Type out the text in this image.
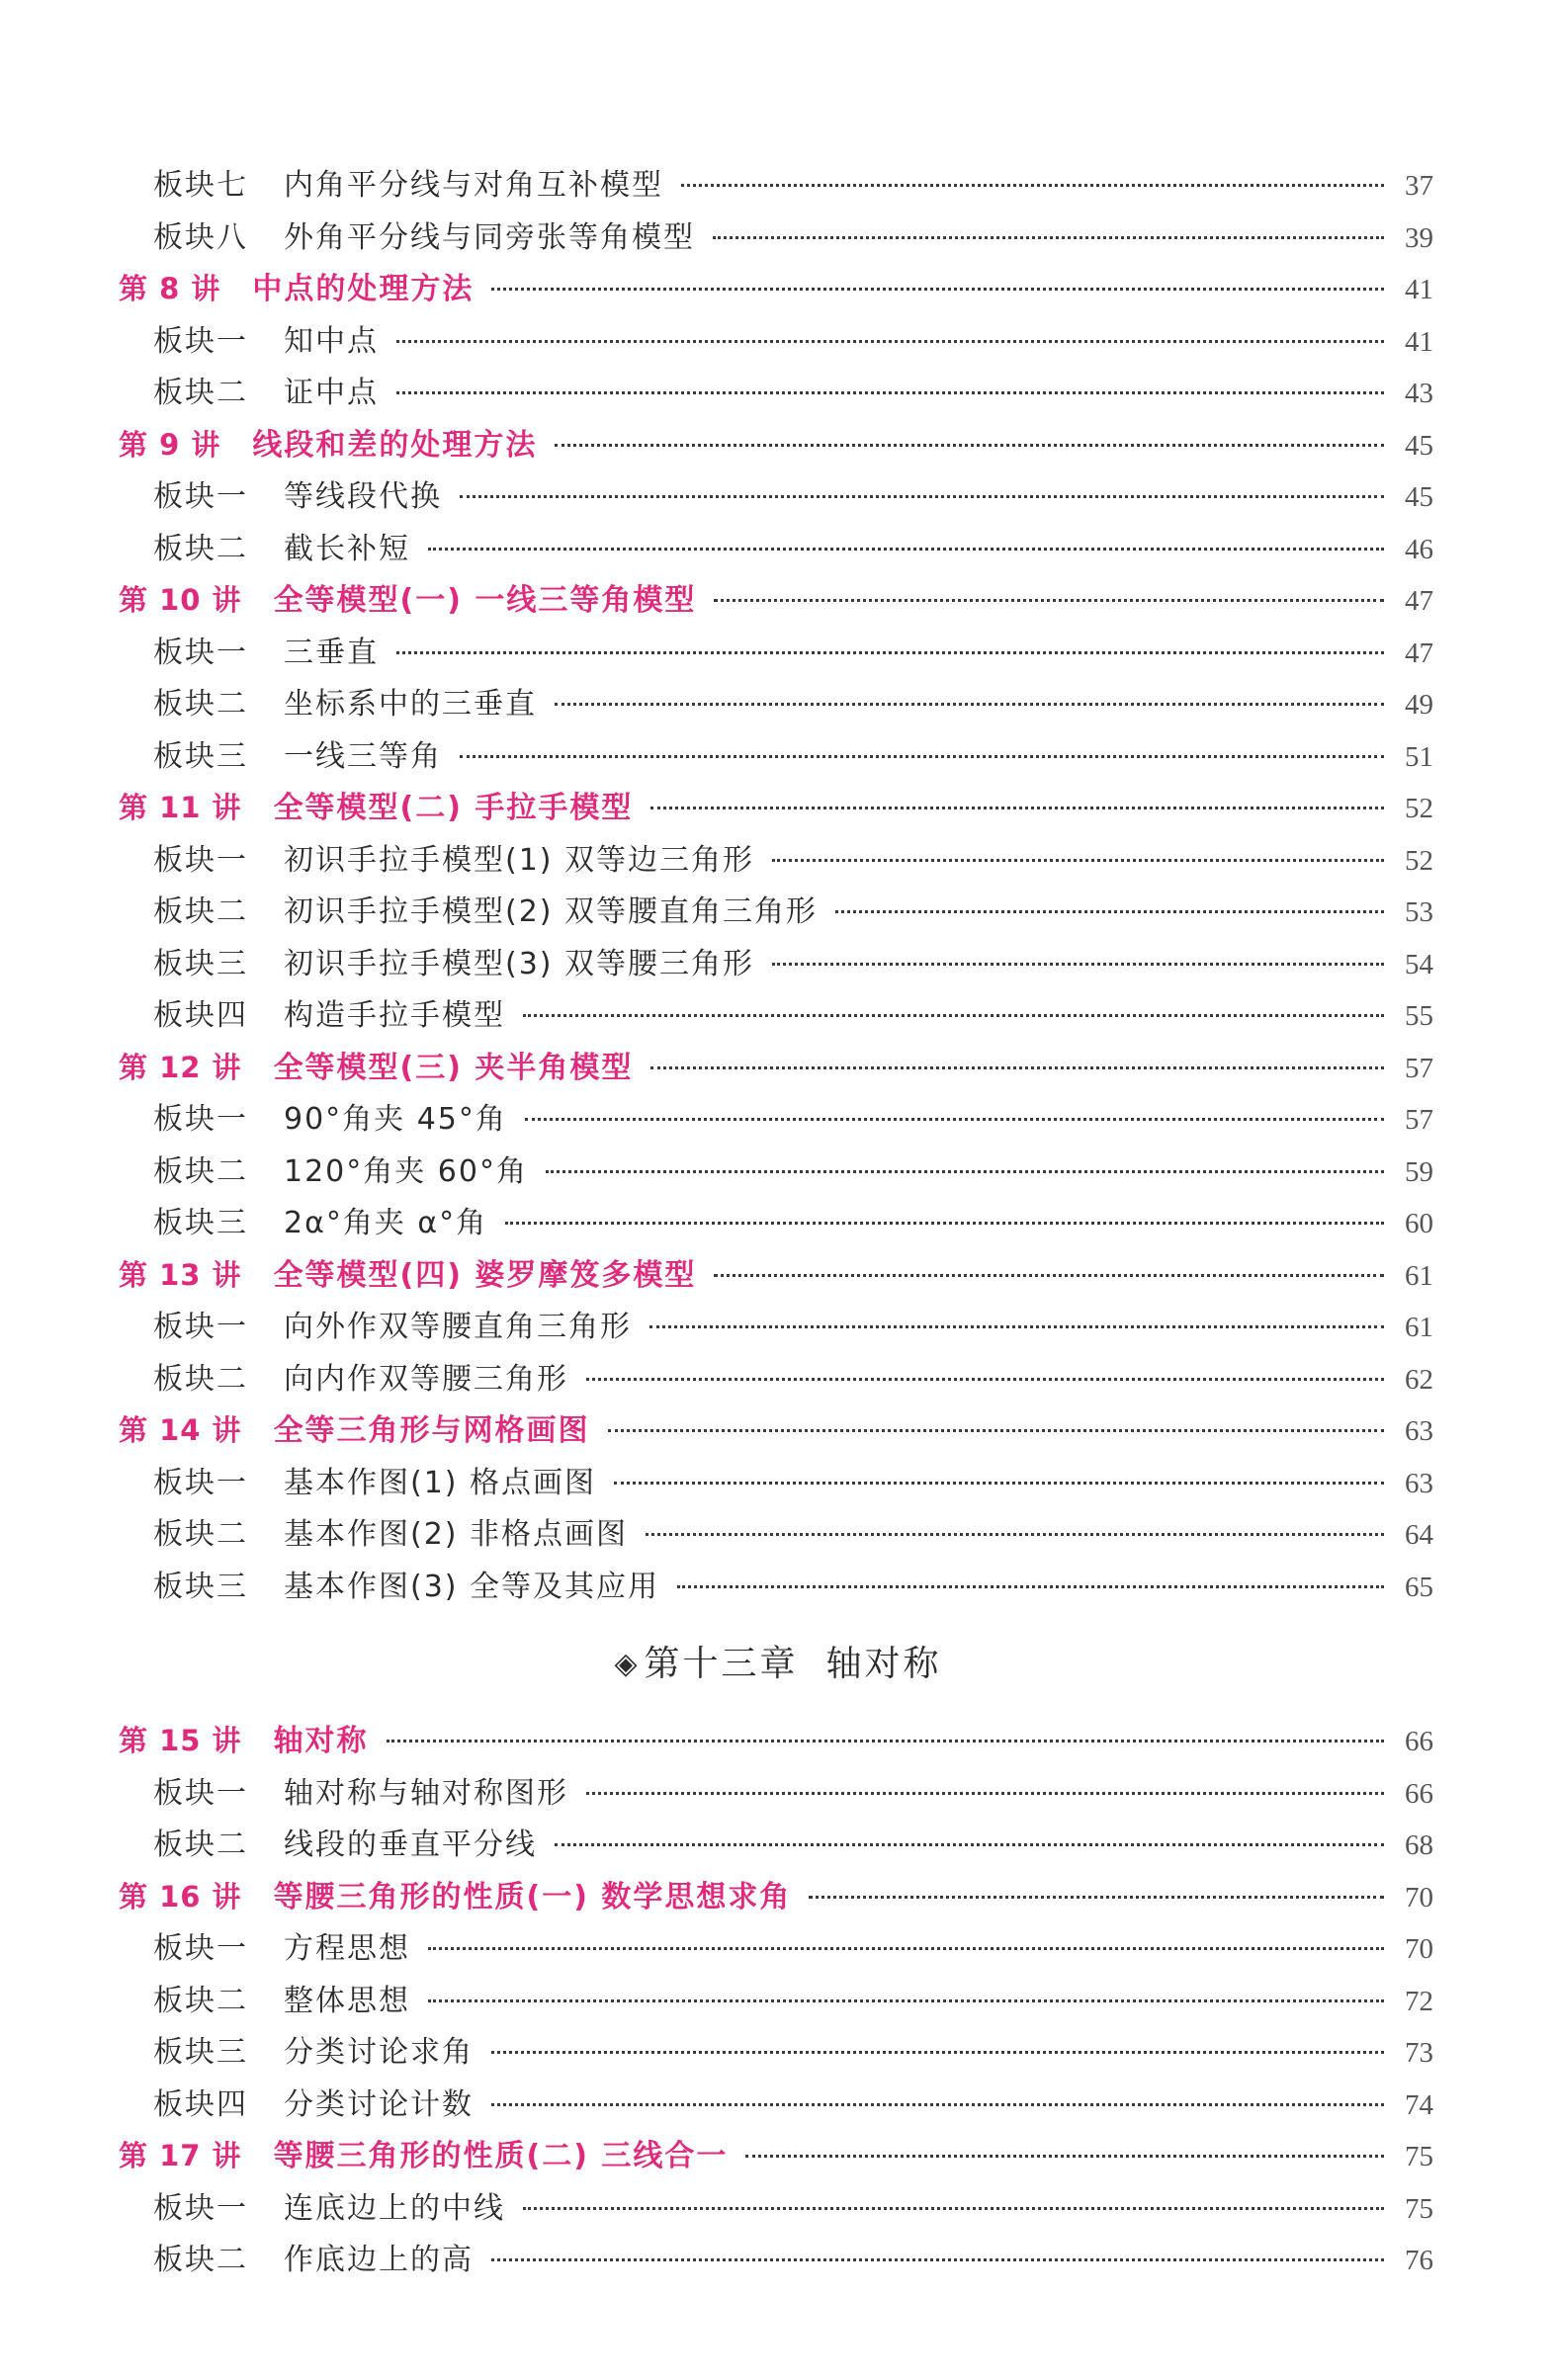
板块七 内角平分线与对角互补模型	37
板块八 外角平分线与同旁张等角模型	39
第 8 讲 中点的处理方法	41
板块一 知中点	41
板块二 证中点	43
第 9 讲 线段和差的处理方法	45
板块一 等线段代换	45
板块二 截长补短	46
第 10 讲 全等模型(一) 一线三等角模型	47
板块一 三垂直	47
板块二 坐标系中的三垂直	49
板块三 一线三等角	51
第 11 讲 全等模型(二) 手拉手模型	52
板块一 初识手拉手模型(1) 双等边三角形	52
板块二 初识手拉手模型(2) 双等腰直角三角形	53
板块三 初识手拉手模型(3) 双等腰三角形	54
板块四 构造手拉手模型	55
第 12 讲 全等模型(三) 夹半角模型	57
板块一 90°角夹 45°角	57
板块二 120°角夹 60°角	59
板块三 2α°角夹 α°角	60
第 13 讲 全等模型(四) 婆罗摩笈多模型	61
板块一 向外作双等腰直角三角形	61
板块二 向内作双等腰三角形	62
第 14 讲 全等三角形与网格画图	63
板块一 基本作图(1) 格点画图	63
板块二 基本作图(2) 非格点画图	64
板块三 基本作图(3) 全等及其应用	65
◈ 第十三章 轴对称
第 15 讲 轴对称	66
板块一 轴对称与轴对称图形	66
板块二 线段的垂直平分线	68
第 16 讲 等腰三角形的性质(一) 数学思想求角	70
板块一 方程思想	70
板块二 整体思想	72
板块三 分类讨论求角	73
板块四 分类讨论计数	74
第 17 讲 等腰三角形的性质(二) 三线合一	75
板块一 连底边上的中线	75
板块二 作底边上的高	76
